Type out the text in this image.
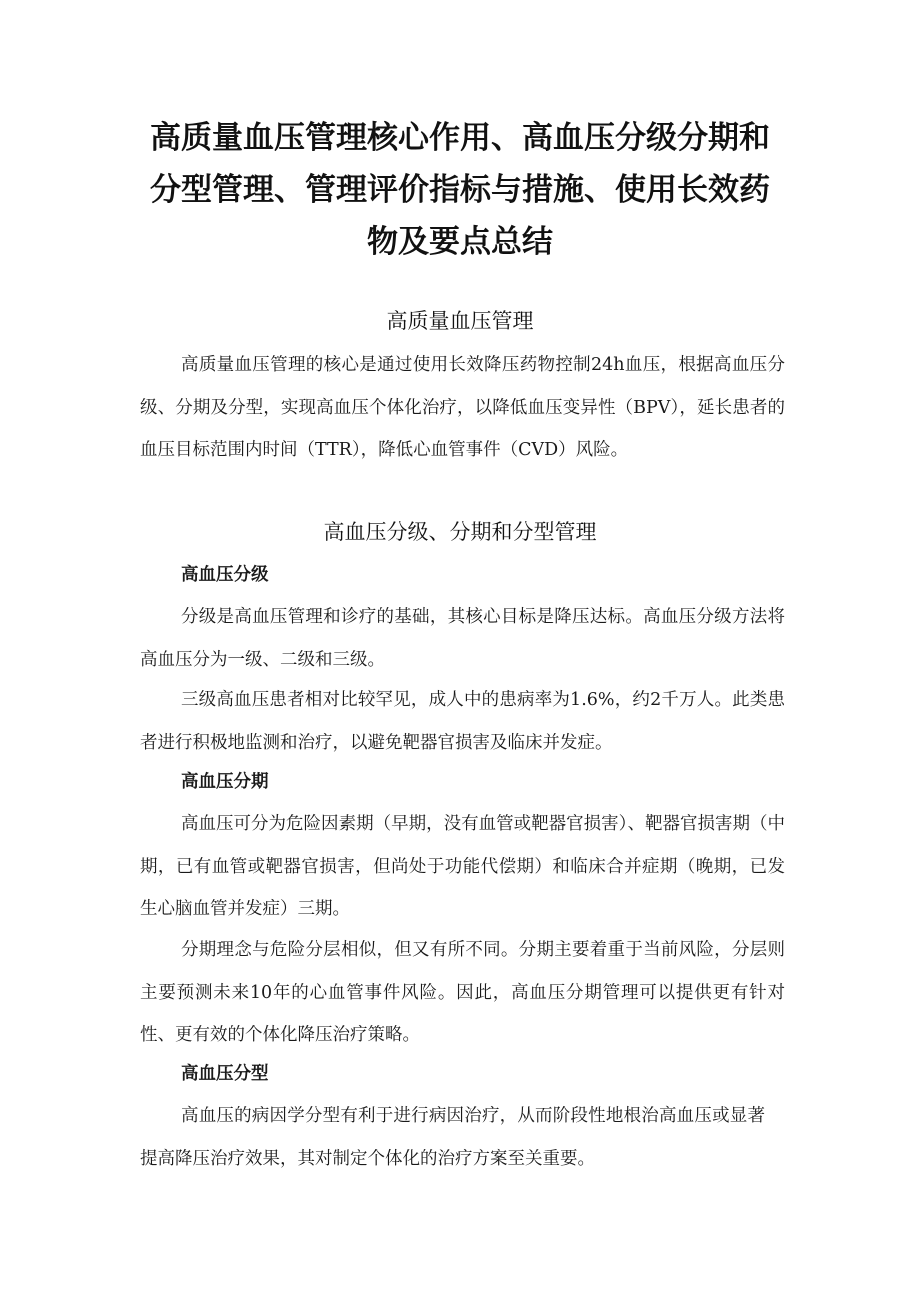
高质量血压管理核心作用、高血压分级分期和分型管理、管理评价指标与措施、使用长效药物及要点总结
高质量血压管理

高质量血压管理的核心是通过使用长效降压药物控制24h血压，根据高血压分级、分期及分型，实现高血压个体化治疗，以降低血压变异性（BPV），延长患者的血压目标范围内时间（TTR），降低心血管事件（CVD）风险。

高血压分级、分期和分型管理
高血压分级

分级是高血压管理和诊疗的基础，其核心目标是降压达标。高血压分级方法将高血压分为一级、二级和三级。

三级高血压患者相对比较罕见，成人中的患病率为1.6%，约2千万人。此类患者进行积极地监测和治疗，以避免靶器官损害及临床并发症。

高血压分期

高血压可分为危险因素期（早期，没有血管或靶器官损害）、靶器官损害期（中期，已有血管或靶器官损害，但尚处于功能代偿期）和临床合并症期（晚期，已发生心脑血管并发症）三期。

分期理念与危险分层相似，但又有所不同。分期主要着重于当前风险，分层则主要预测未来10年的心血管事件风险。因此，高血压分期管理可以提供更有针对性、更有效的个体化降压治疗策略。

高血压分型

高血压的病因学分型有利于进行病因治疗，从而阶段性地根治高血压或显著提高降压治疗效果，其对制定个体化的治疗方案至关重要。
